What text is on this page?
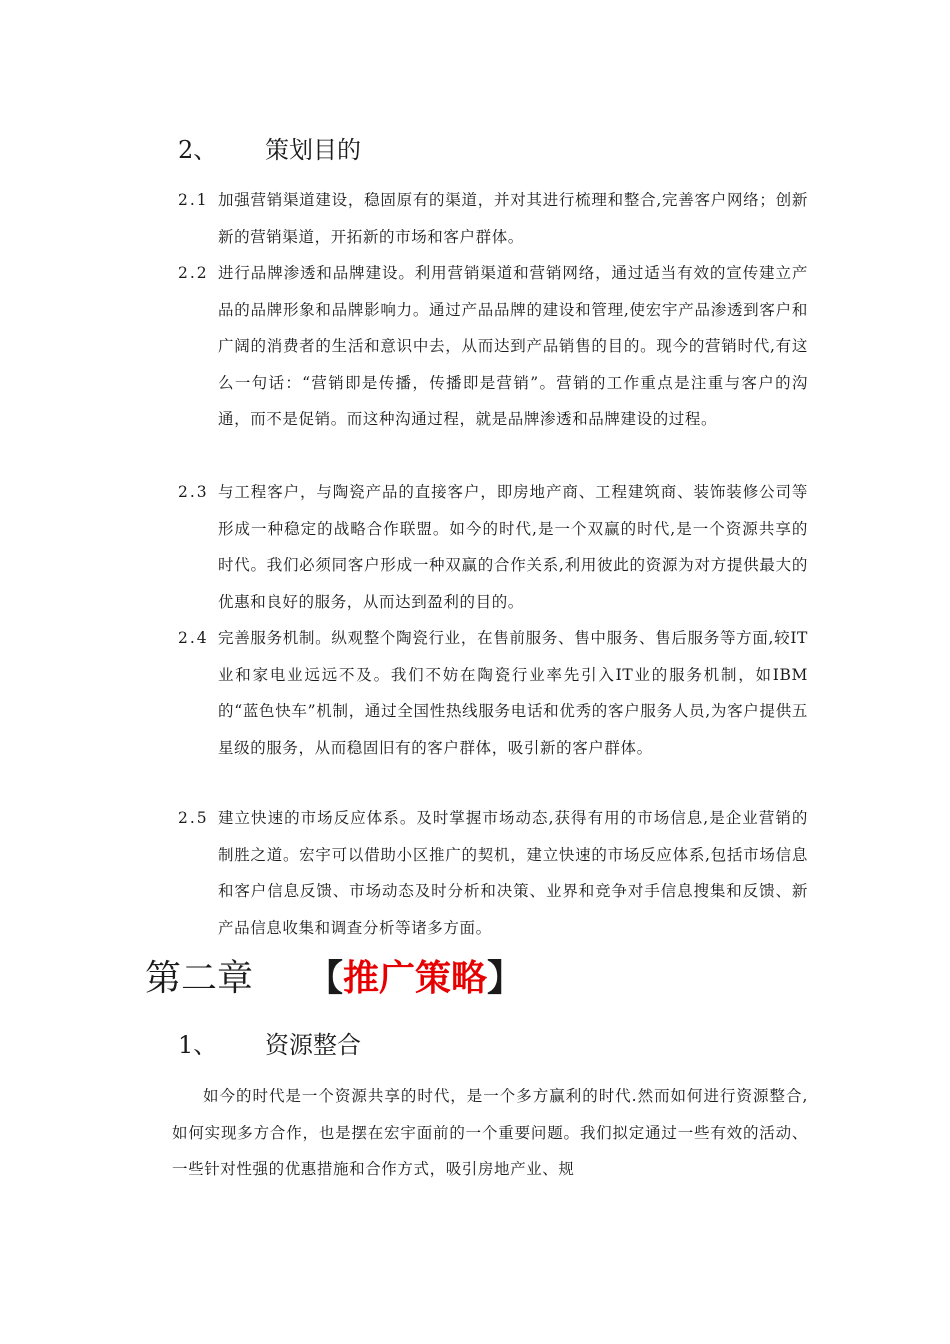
2、 策划目的
2.1 加强营销渠道建设，稳固原有的渠道，并对其进行梳理和整合,完善客户网络；创新新的营销渠道，开拓新的市场和客户群体。
2.2 进行品牌渗透和品牌建设。利用营销渠道和营销网络，通过适当有效的宣传建立产品的品牌形象和品牌影响力。通过产品品牌的建设和管理,使宏宇产品渗透到客户和广阔的消费者的生活和意识中去，从而达到产品销售的目的。现今的营销时代,有这么一句话：“营销即是传播，传播即是营销”。营销的工作重点是注重与客户的沟通，而不是促销。而这种沟通过程，就是品牌渗透和品牌建设的过程。
2.3 与工程客户，与陶瓷产品的直接客户，即房地产商、工程建筑商、装饰装修公司等形成一种稳定的战略合作联盟。如今的时代,是一个双赢的时代,是一个资源共享的时代。我们必须同客户形成一种双赢的合作关系,利用彼此的资源为对方提供最大的优惠和良好的服务，从而达到盈利的目的。
2.4 完善服务机制。纵观整个陶瓷行业，在售前服务、售中服务、售后服务等方面,较IT业和家电业远远不及。我们不妨在陶瓷行业率先引入IT业的服务机制，如IBM的“蓝色快车”机制，通过全国性热线服务电话和优秀的客户服务人员,为客户提供五星级的服务，从而稳固旧有的客户群体，吸引新的客户群体。
2.5 建立快速的市场反应体系。及时掌握市场动态,获得有用的市场信息,是企业营销的制胜之道。宏宇可以借助小区推广的契机，建立快速的市场反应体系,包括市场信息和客户信息反馈、市场动态及时分析和决策、业界和竞争对手信息搜集和反馈、新产品信息收集和调查分析等诸多方面。
第二章 【推广策略】
1、 资源整合
如今的时代是一个资源共享的时代，是一个多方赢利的时代.然而如何进行资源整合,如何实现多方合作，也是摆在宏宇面前的一个重要问题。我们拟定通过一些有效的活动、一些针对性强的优惠措施和合作方式，吸引房地产业、规
